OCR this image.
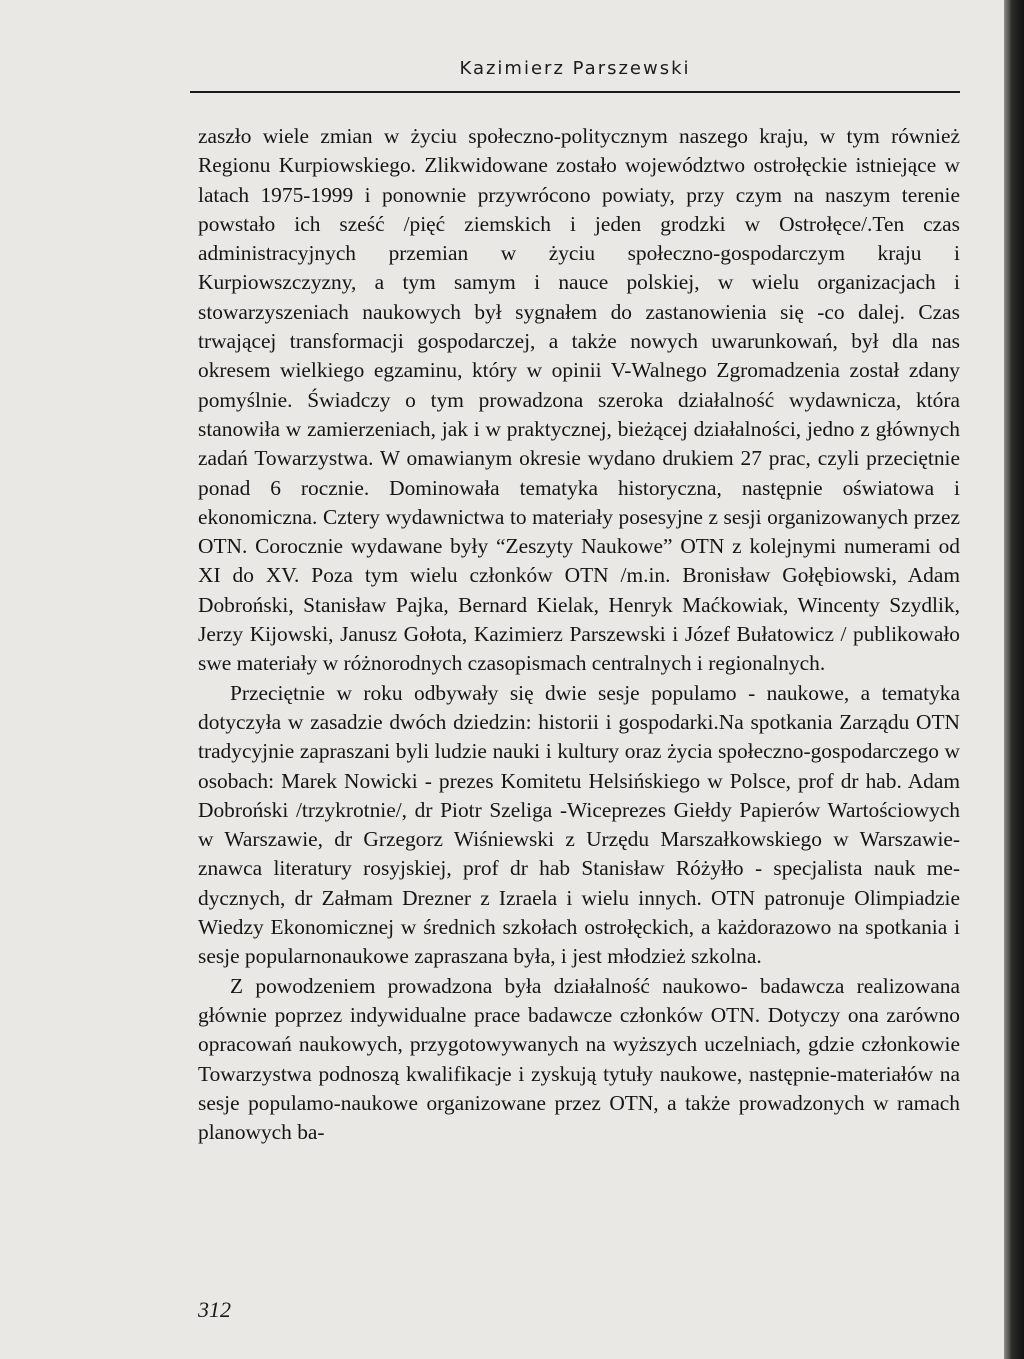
Kazimierz Parszewski

zaszło wiele zmian w życiu społeczno-politycznym naszego kraju, w tym również Regionu Kurpiowskiego. Zlikwidowane zostało województwo ostrołęckie istniejące w latach 1975-1999 i ponownie przywrócono powiaty, przy czym na naszym terenie powstało ich sześć /pięć ziemskich i jeden grodzki w Ostrołęce/.Ten czas administracyjnych przemian w życiu społeczno-gospodarczym kraju i Kurpiowszczyzny, a tym samym i nauce polskiej, w wielu organizacjach i stowarzyszeniach naukowych był sygnałem do zastanowienia się -co dalej. Czas trwającej transformacji gospodarczej, a także nowych uwarunkowań, był dla nas okresem wielkiego egzaminu, który w opinii V-Walnego Zgromadzenia został zdany pomyślnie. Świadczy o tym prowadzona szeroka działalność wydawnicza, która stanowiła w zamierzeniach, jak i w praktycznej, bieżącej działalności, jedno z głównych zadań Towarzystwa. W omawianym okresie wydano drukiem 27 prac, czyli przeciętnie ponad 6 rocznie. Dominowała tematyka historyczna, następnie oświatowa i ekonomiczna. Cztery wydawnictwa to materiały posesyjne z sesji organizowanych przez OTN. Corocznie wydawane były “Zeszyty Naukowe” OTN z kolejnymi numerami od XI do XV. Poza tym wielu członków OTN /m.in. Bronisław Gołębiowski, Adam Dobroński, Stanisław Pajka, Bernard Kielak, Henryk Maćkowiak, Wincenty Szydlik, Jerzy Kijowski, Janusz Gołota, Kazimierz Parszewski i Józef Bułatowicz / publikowało swe materiały w różnorodnych czasopismach centralnych i regionalnych.

Przeciętnie w roku odbywały się dwie sesje populamo - naukowe, a tematyka dotyczyła w zasadzie dwóch dziedzin: historii i gospodarki.Na spotkania Zarządu OTN tradycyjnie zapraszani byli ludzie nauki i kultury oraz życia społeczno-gospodarczego w osobach: Marek Nowicki - prezes Komitetu Helsińskiego w Polsce, prof dr hab. Adam Dobroński /trzykrotnie/, dr Piotr Szeliga -Wiceprezes Giełdy Papierów Wartościowych w Warszawie, dr Grzegorz Wiśniewski z Urzędu Marszałkowskiego w Warszawie-znawca literatury rosyjskiej, prof dr hab Stanisław Różyłło - specjalista nauk medycznych, dr Załmam Drezner z Izraela i wielu innych. OTN patronuje Olimpiadzie Wiedzy Ekonomicznej w średnich szkołach ostrołęckich, a każdorazowo na spotkania i sesje popularnonaukowe zapraszana była, i jest młodzież szkolna.

Z powodzeniem prowadzona była działalność naukowo- badawcza realizowana głównie poprzez indywidualne prace badawcze członków OTN. Dotyczy ona zarówno opracowań naukowych, przygotowywanych na wyższych uczelniach, gdzie członkowie Towarzystwa podnoszą kwalifikacje i zyskują tytuły naukowe, następnie-materiałów na sesje populamo-naukowe organizowane przez OTN, a także prowadzonych w ramach planowych ba-

312
